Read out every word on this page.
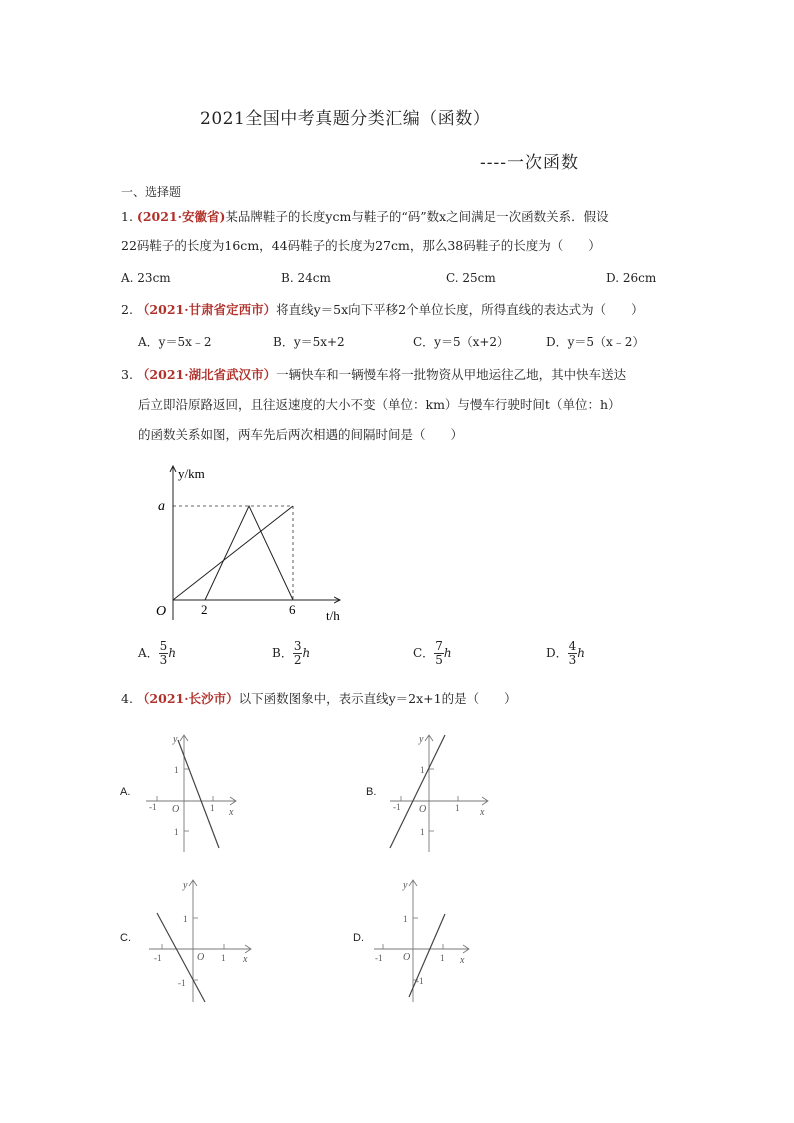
2021全国中考真题分类汇编（函数）
----一次函数
一、选择题
1. (2021·安徽省)某品牌鞋子的长度ycm与鞋子的“码”数x之间满足一次函数关系．假设
22码鞋子的长度为16cm，44码鞋子的长度为27cm，那么38码鞋子的长度为（　　）
A. 23cm	B. 24cm	C. 25cm	D. 26cm
2. （2021·甘肃省定西市）将直线y＝5x向下平移2个单位长度，所得直线的表达式为（　　）
A．y＝5x﹣2	B．y＝5x+2	C．y＝5（x+2）	D．y＝5（x﹣2）
3. （2021·湖北省武汉市）一辆快车和一辆慢车将一批物资从甲地运往乙地，其中快车送达
后立即沿原路返回，且往返速度的大小不变（单位：km）与慢车行驶时间t（单位：h）
的函数关系如图，两车先后两次相遇的间隔时间是（　　）
y/km
a
O	2	6 t/h
A． $\frac{5}{3}$ h	B． $\frac{3}{2}$ h	C． $\frac{7}{5}$ h	D． $\frac{4}{3}$ h
4. （2021·长沙市）以下函数图象中，表示直线y＝2x+1的是（　　）
A.	B.
C.	D.
y
x
O
1
1
-1	1
y
x
O
1
1
-1	1
y
x
O
1
-1
-1	1
y
x
O
1
-1
-1	1
